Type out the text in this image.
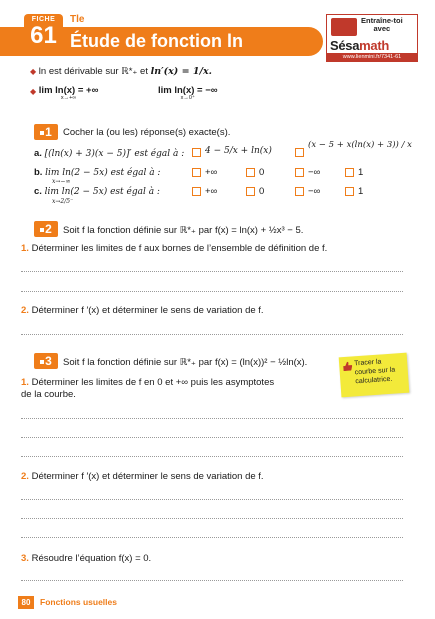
FICHE
61
Tle
Étude de fonction ln
Entraîne-toi
avec
Sésamath
www.lienmini.fr/7341-61
◆ ln est dérivable sur ℝ*₊ et ln′(x) = 1/x.
◆ lim ln(x) = +∞
x→+∞
lim ln(x) = −∞
x→0⁺
1	Cocher la (ou les) réponse(s) exacte(s).
a. [(ln(x) + 3)(x − 5)]′ est égal à : 4 − 5/x + ln(x)
(x − 5 + x(ln(x) + 3)) / x
b. lim ln(2 − 5x) est égal à :
x→−∞
+∞	0	−∞	1
c. lim ln(2 − 5x) est égal à :
x→2/5⁻
+∞	0	−∞	1
2	Soit f la fonction définie sur ℝ*₊ par f(x) = ln(x) + ½x³ − 5.
1. Déterminer les limites de f aux bornes de l’ensemble de définition de f.
2. Déterminer f ′(x) et déterminer le sens de variation de f.
3	Soit f la fonction définie sur ℝ*₊ par f(x) = (ln(x))² − ½ln(x).
1. Déterminer les limites de f en 0 et +∞ puis les asymptotes
de la courbe.
Tracer la courbe sur la calculatrice.
2. Déterminer f ′(x) et déterminer le sens de variation de f.
3. Résoudre l’équation f(x) = 0.
80	Fonctions usuelles
